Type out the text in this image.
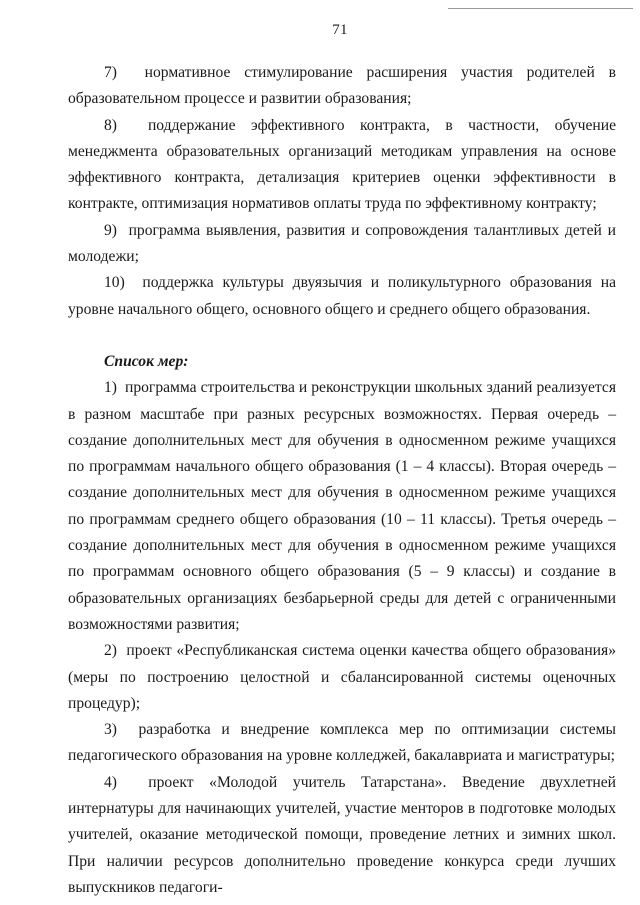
71

7)  нормативное стимулирование расширения участия родителей в образовательном процессе и развитии образования;

8)  поддержание эффективного контракта, в частности, обучение менеджмента образовательных организаций методикам управления на основе эффективного контракта, детализация критериев оценки эффективности в контракте, оптимизация нормативов оплаты труда по эффективному контракту;

9)  программа выявления, развития и сопровождения талантливых детей и молодежи;

10)  поддержка культуры двуязычия и поликультурного образования на уровне начального общего, основного общего и среднего общего образования.

Список мер:

1)  программа строительства и реконструкции школьных зданий реализуется в разном масштабе при разных ресурсных возможностях. Первая очередь – создание дополнительных мест для обучения в односменном режиме учащихся по программам начального общего образования (1 – 4 классы). Вторая очередь – создание дополнительных мест для обучения в односменном режиме учащихся по программам среднего общего образования (10 – 11 классы). Третья очередь – создание дополнительных мест для обучения в односменном режиме учащихся по программам основного общего образования (5 – 9 классы) и создание в образовательных организациях безбарьерной среды для детей с ограниченными возможностями развития;

2)  проект «Республиканская система оценки качества общего образования» (меры по построению целостной и сбалансированной системы оценочных процедур);

3)  разработка и внедрение комплекса мер по оптимизации системы педагогического образования на уровне колледжей, бакалавриата и магистратуры;

4)  проект «Молодой учитель Татарстана». Введение двухлетней интернатуры для начинающих учителей, участие менторов в подготовке молодых учителей, оказание методической помощи, проведение летних и зимних школ. При наличии ресурсов дополнительно проведение конкурса среди лучших выпускников педагоги-
